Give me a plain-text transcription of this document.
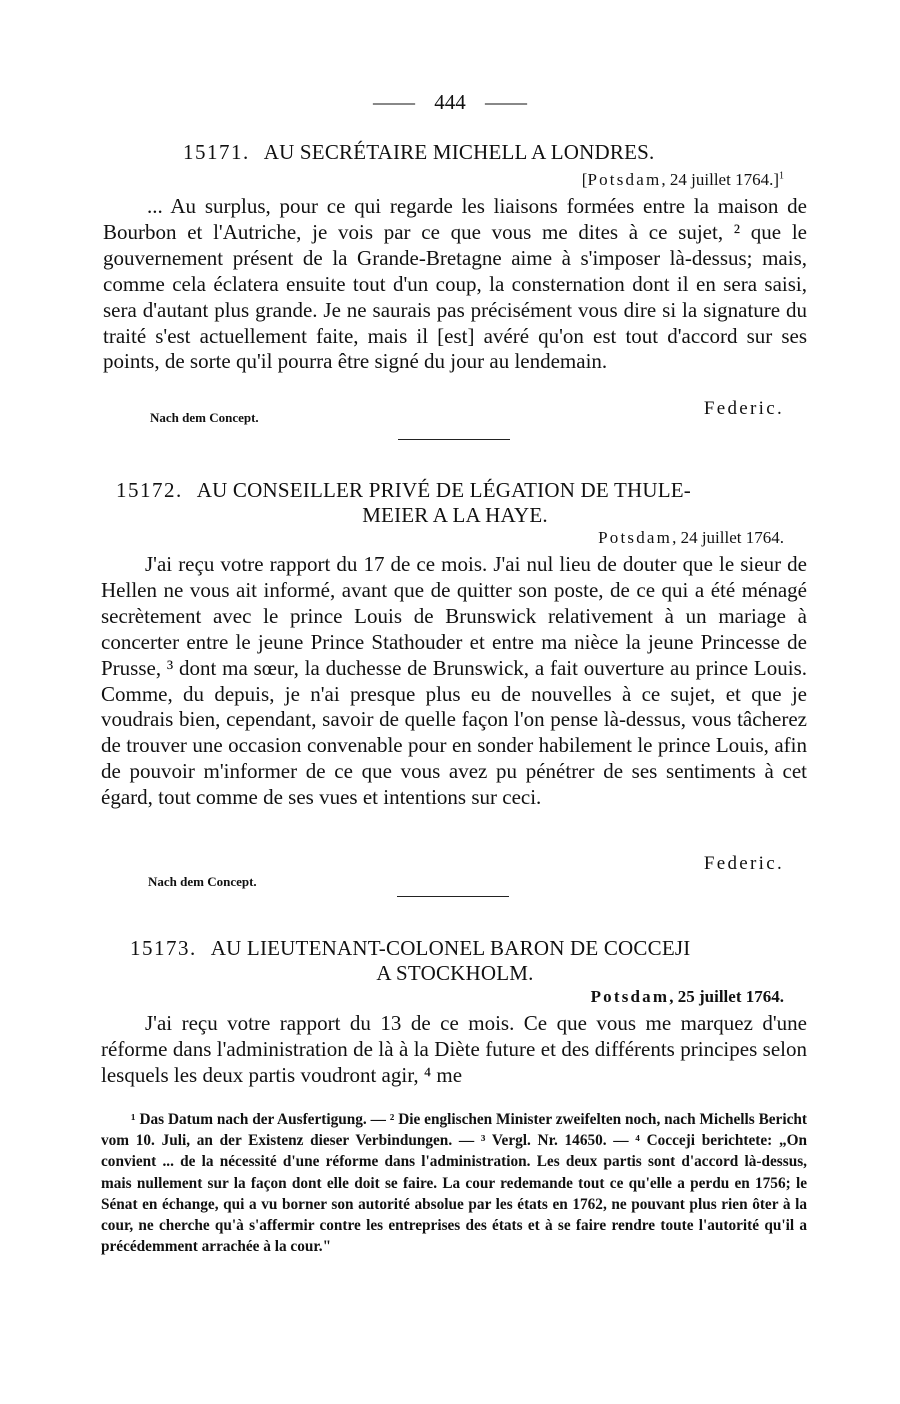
—— 444 ——
15171. AU SECRÉTAIRE MICHELL A LONDRES.
[Potsdam, 24 juillet 1764.]$^1$

... Au surplus, pour ce qui regarde les liaisons formées entre la maison de Bourbon et l'Autriche, je vois par ce que vous me dites à ce sujet, ² que le gouvernement présent de la Grande-Bretagne aime à s'imposer là-dessus; mais, comme cela éclatera ensuite tout d'un coup, la consternation dont il en sera saisi, sera d'autant plus grande. Je ne saurais pas précisément vous dire si la signature du traité s'est actuellement faite, mais il [est] avéré qu'on est tout d'accord sur ses points, de sorte qu'il pourra être signé du jour au lendemain.

Nach dem Concept.	Federic.
15172. AU CONSEILLER PRIVÉ DE LÉGATION DE THULE-
MEIER A LA HAYE.
Potsdam, 24 juillet 1764.

J'ai reçu votre rapport du 17 de ce mois. J'ai nul lieu de douter que le sieur de Hellen ne vous ait informé, avant que de quitter son poste, de ce qui a été ménagé secrètement avec le prince Louis de Brunswick relativement à un mariage à concerter entre le jeune Prince Stathouder et entre ma nièce la jeune Princesse de Prusse, ³ dont ma sœur, la duchesse de Brunswick, a fait ouverture au prince Louis. Comme, du depuis, je n'ai presque plus eu de nouvelles à ce sujet, et que je voudrais bien, cependant, savoir de quelle façon l'on pense là-dessus, vous tâcherez de trouver une occasion convenable pour en sonder habilement le prince Louis, afin de pouvoir m'informer de ce que vous avez pu pénétrer de ses sentiments à cet égard, tout comme de ses vues et intentions sur ceci.

Federic.
Nach dem Concept.
15173. AU LIEUTENANT-COLONEL BARON DE COCCEJI
A STOCKHOLM.
Potsdam, 25 juillet 1764.

J'ai reçu votre rapport du 13 de ce mois. Ce que vous me marquez d'une réforme dans l'administration de là à la Diète future et des différents principes selon lesquels les deux partis voudront agir, ⁴ me

¹ Das Datum nach der Ausfertigung. — ² Die englischen Minister zweifelten noch, nach Michells Bericht vom 10. Juli, an der Existenz dieser Verbindungen. — ³ Vergl. Nr. 14650. — ⁴ Cocceji berichtete: „On convient ... de la nécessité d'une réforme dans l'administration. Les deux partis sont d'accord là-dessus, mais nullement sur la façon dont elle doit se faire. La cour redemande tout ce qu'elle a perdu en 1756; le Sénat en échange, qui a vu borner son autorité absolue par les états en 1762, ne pouvant plus rien ôter à la cour, ne cherche qu'à s'affermir contre les entreprises des états et à se faire rendre toute l'autorité qu'il a précédemment arrachée à la cour."
